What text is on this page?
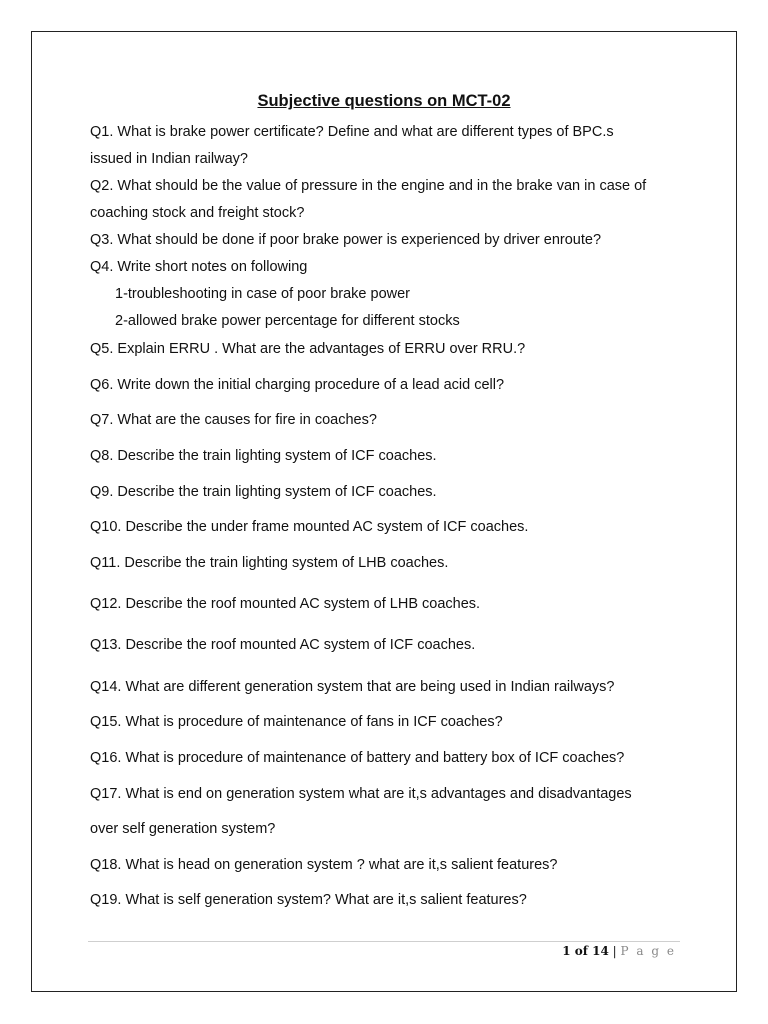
Subjective questions on MCT-02
Q1. What is brake power certificate? Define and what are different types of BPC.s
issued in Indian railway?
Q2. What should be the value of pressure in the engine and in the brake van in case of
coaching stock and freight stock?
Q3. What should be done if poor brake power is experienced by driver enroute?
Q4. Write short notes on following
1-troubleshooting in case of poor brake power
2-allowed brake power percentage for different stocks
Q5. Explain ERRU . What are the advantages of ERRU over RRU.?
Q6. Write down the initial charging procedure of a lead acid cell?
Q7. What are the causes for fire in coaches?
Q8. Describe the train lighting system of ICF coaches.
Q9. Describe the train lighting system of ICF coaches.
Q10. Describe the under frame mounted AC system of ICF coaches.
Q11. Describe the train lighting system of LHB coaches.
Q12. Describe the roof mounted AC system of LHB coaches.
Q13. Describe the roof mounted AC system of ICF coaches.
Q14. What are different generation system that are being used in Indian railways?
Q15. What is procedure of maintenance of fans in ICF coaches?
Q16. What is procedure of maintenance of battery and battery box of ICF coaches?
Q17. What is end on generation system what are it,s advantages and disadvantages
over self generation system?
Q18. What is head on generation system ? what are it,s salient features?
Q19. What is self generation system? What are it,s salient features?
1 of 14 | P a g e
